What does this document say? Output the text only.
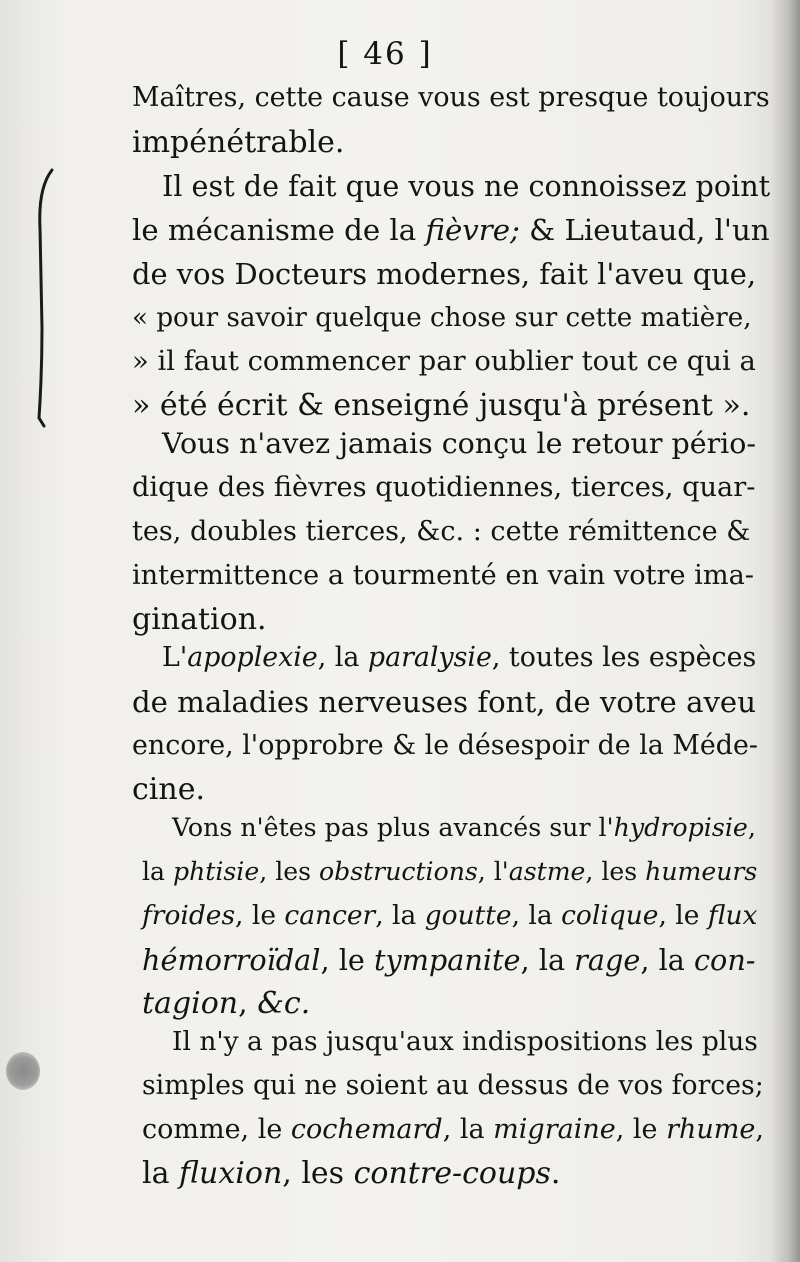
[ 46 ]
Maîtres, cette cause vous est presque toujours
impénétrable.
Il est de fait que vous ne connoissez point
le mécanisme de la fièvre; & Lieutaud, l'un
de vos Docteurs modernes, fait l'aveu que,
« pour savoir quelque chose sur cette matière,
» il faut commencer par oublier tout ce qui a
» été écrit & enseigné jusqu'à présent ».
Vous n'avez jamais conçu le retour pério-
dique des fièvres quotidiennes, tierces, quar-
tes, doubles tierces, &c. : cette rémittence &
intermittence a tourmenté en vain votre ima-
gination.
L'apoplexie, la paralysie, toutes les espèces
de maladies nerveuses font, de votre aveu
encore, l'opprobre & le désespoir de la Méde-
cine.
Vons n'êtes pas plus avancés sur l'hydropisie,
la phtisie, les obstructions, l'astme, les humeurs
froides, le cancer, la goutte, la colique, le flux
hémorroïdal, le tympanite, la rage, la con-
tagion, &c.
Il n'y a pas jusqu'aux indispositions les plus
simples qui ne soient au dessus de vos forces;
comme, le cochemard, la migraine, le rhume,
la fluxion, les contre-coups.
